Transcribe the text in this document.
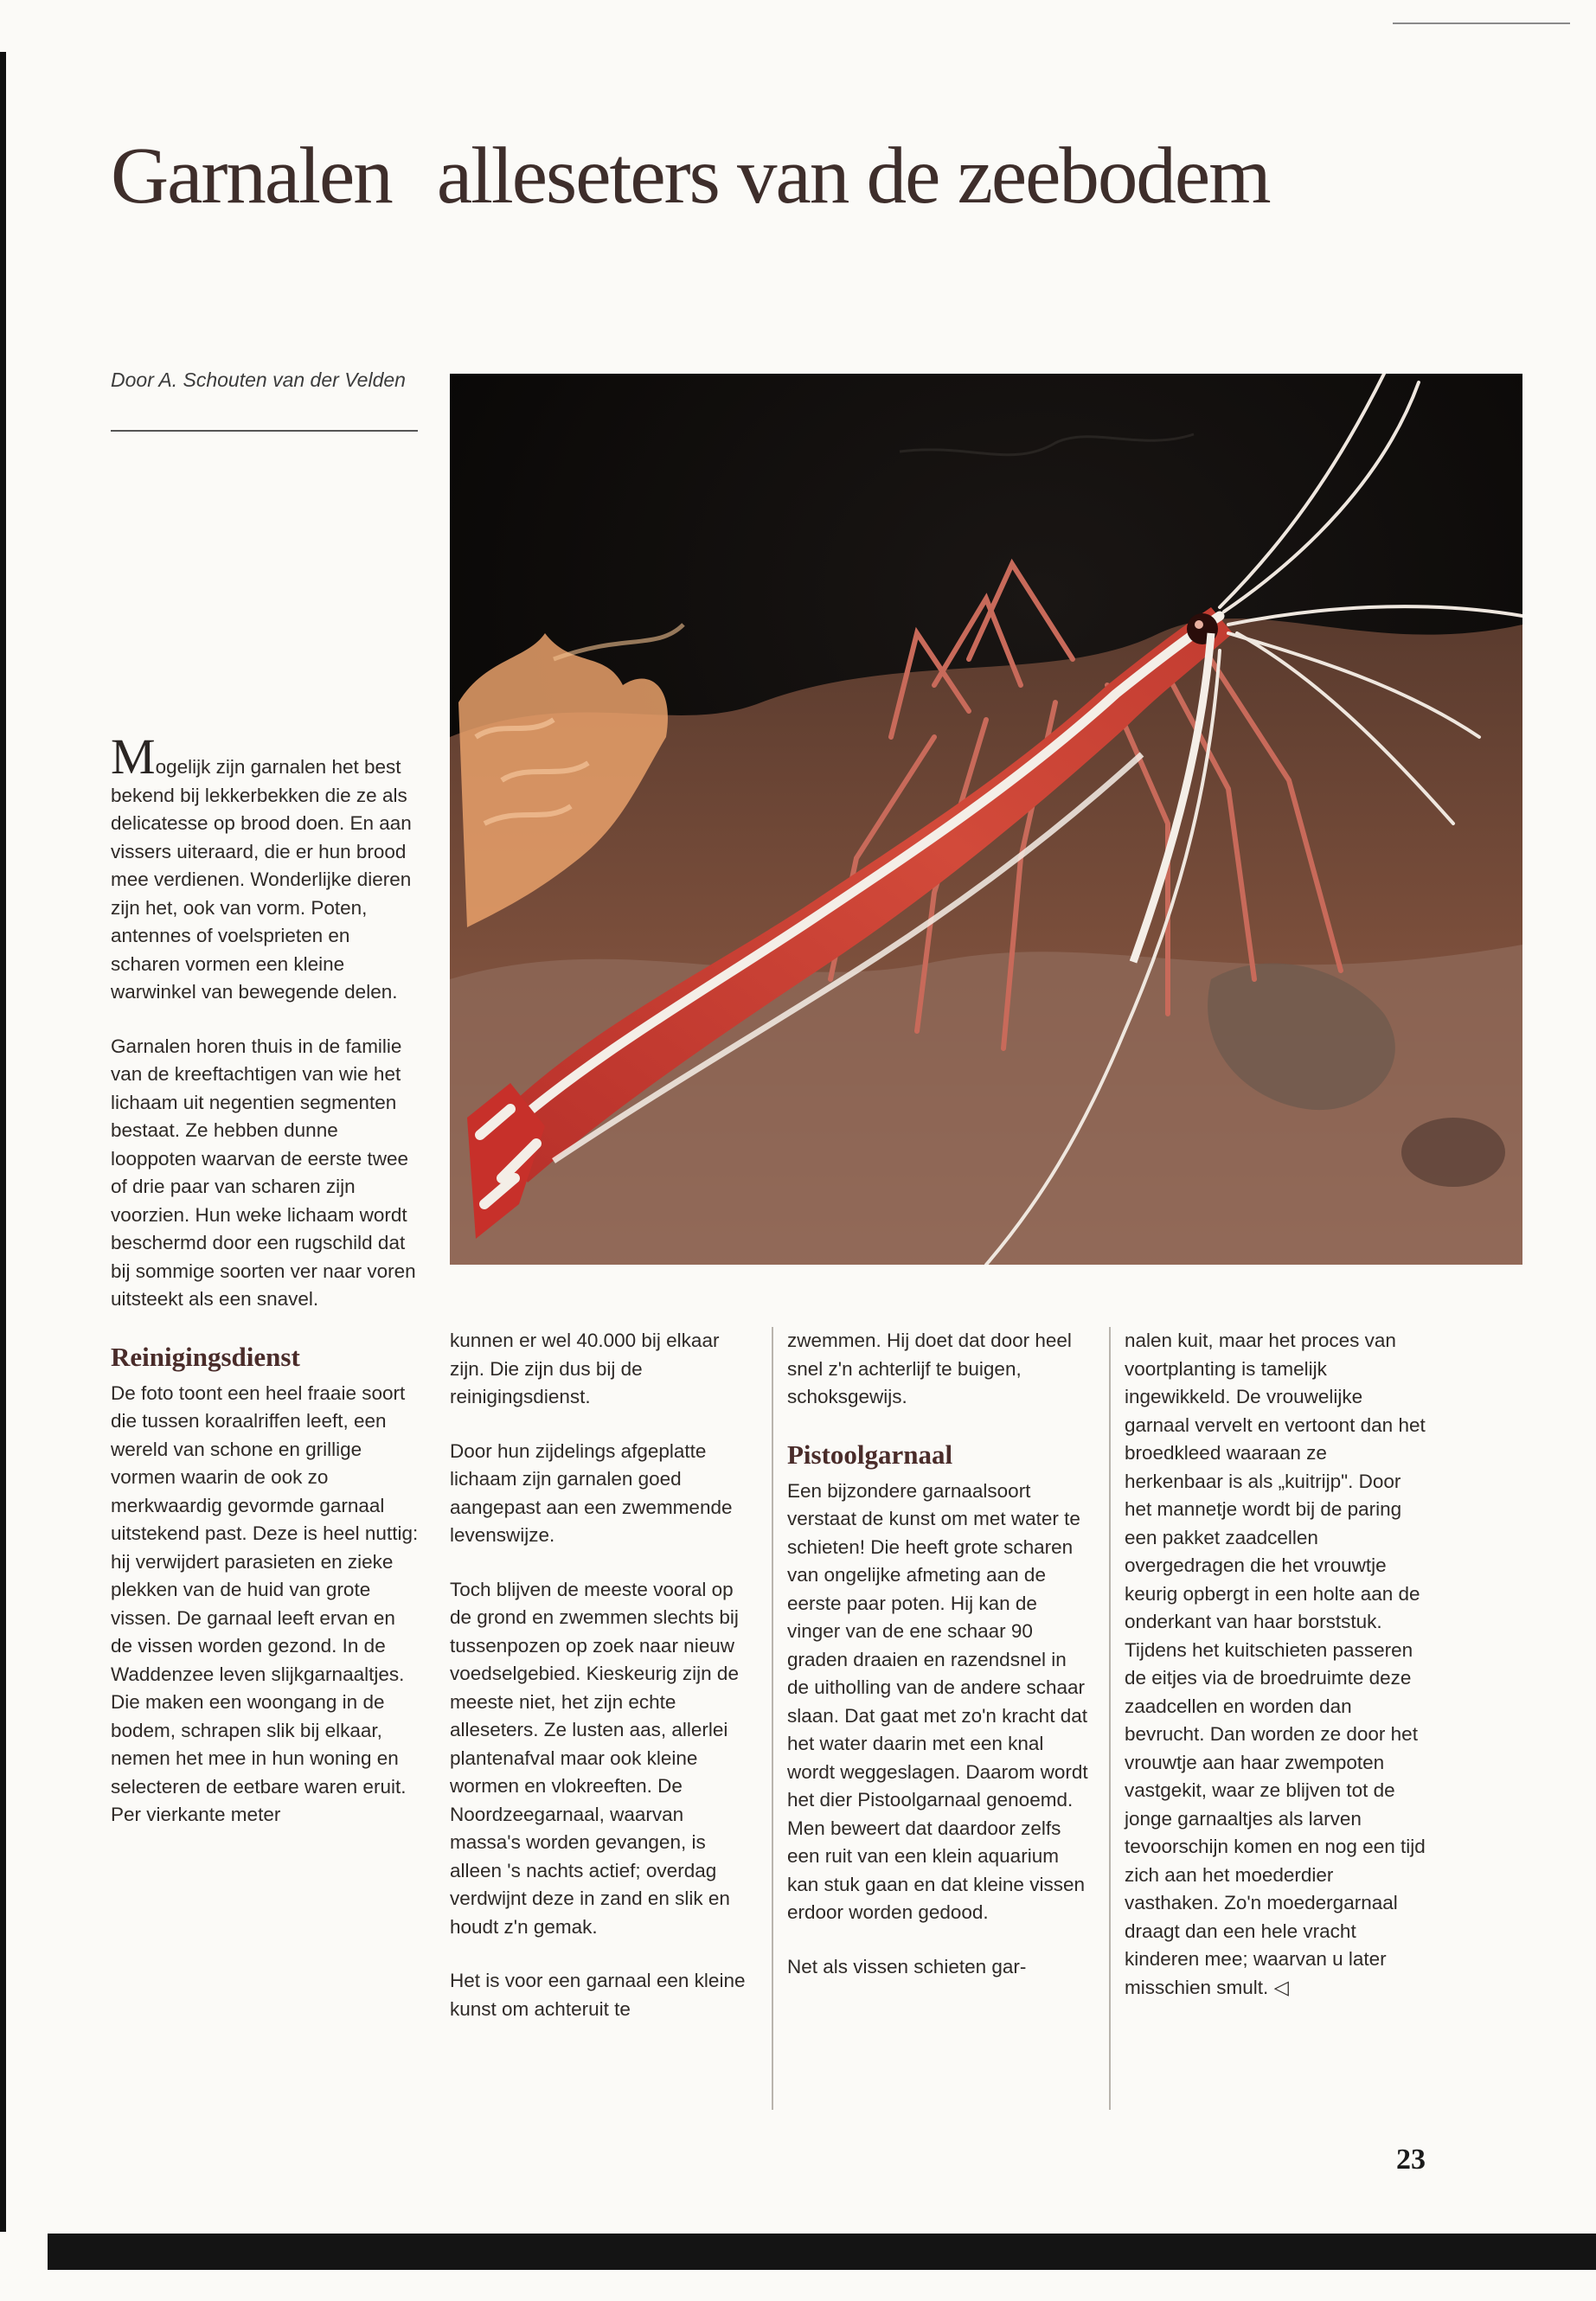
Garnalen alleseters van de zeebodem

Door A. Schouten van der Velden

Mogelijk zijn garnalen het best bekend bij lekkerbekken die ze als delicatesse op brood doen. En aan vissers uiteraard, die er hun brood mee verdienen. Wonderlijke dieren zijn het, ook van vorm. Poten, antennes of voelsprieten en scharen vormen een kleine warwinkel van bewegende delen.

Garnalen horen thuis in de familie van de kreeftachtigen van wie het lichaam uit negentien segmenten bestaat. Ze hebben dunne looppoten waarvan de eerste twee of drie paar van scharen zijn voorzien. Hun weke lichaam wordt beschermd door een rugschild dat bij sommige soorten ver naar voren uitsteekt als een snavel.

Reinigingsdienst

De foto toont een heel fraaie soort die tussen koraalriffen leeft, een wereld van schone en grillige vormen waarin de ook zo merkwaardig gevormde garnaal uitstekend past. Deze is heel nuttig: hij verwijdert parasieten en zieke plekken van de huid van grote vissen. De garnaal leeft ervan en de vissen worden gezond. In de Waddenzee leven slijkgarnaaltjes. Die maken een woongang in de bodem, schrapen slik bij elkaar, nemen het mee in hun woning en selecteren de eetbare waren eruit. Per vierkante meter

kunnen er wel 40.000 bij elkaar zijn. Die zijn dus bij de reinigingsdienst.

Door hun zijdelings afgeplatte lichaam zijn garnalen goed aangepast aan een zwemmende levenswijze.

Toch blijven de meeste vooral op de grond en zwemmen slechts bij tussenpozen op zoek naar nieuw voedselgebied. Kieskeurig zijn de meeste niet, het zijn echte alleseters. Ze lusten aas, allerlei plantenafval maar ook kleine wormen en vlokreeften. De Noordzeegarnaal, waarvan massa's worden gevangen, is alleen 's nachts actief; overdag verdwijnt deze in zand en slik en houdt z'n gemak.

Het is voor een garnaal een kleine kunst om achteruit te

zwemmen. Hij doet dat door heel snel z'n achterlijf te buigen, schoksgewijs.

Pistoolgarnaal

Een bijzondere garnaalsoort verstaat de kunst om met water te schieten! Die heeft grote scharen van ongelijke afmeting aan de eerste paar poten. Hij kan de vinger van de ene schaar 90 graden draaien en razendsnel in de uitholling van de andere schaar slaan. Dat gaat met zo'n kracht dat het water daarin met een knal wordt weggeslagen. Daarom wordt het dier Pistoolgarnaal genoemd. Men beweert dat daardoor zelfs een ruit van een klein aquarium kan stuk gaan en dat kleine vissen erdoor worden gedood.

Net als vissen schieten gar-

nalen kuit, maar het proces van voortplanting is tamelijk ingewikkeld. De vrouwelijke garnaal vervelt en vertoont dan het broedkleed waaraan ze herkenbaar is als „kuitrijp". Door het mannetje wordt bij de paring een pakket zaadcellen overgedragen die het vrouwtje keurig opbergt in een holte aan de onderkant van haar borststuk. Tijdens het kuitschieten passeren de eitjes via de broedruimte deze zaadcellen en worden dan bevrucht. Dan worden ze door het vrouwtje aan haar zwempoten vastgekit, waar ze blijven tot de jonge garnaaltjes als larven tevoorschijn komen en nog een tijd zich aan het moederdier vasthaken. Zo'n moedergarnaal draagt dan een hele vracht kinderen mee; waarvan u later misschien smult. ◁

23
